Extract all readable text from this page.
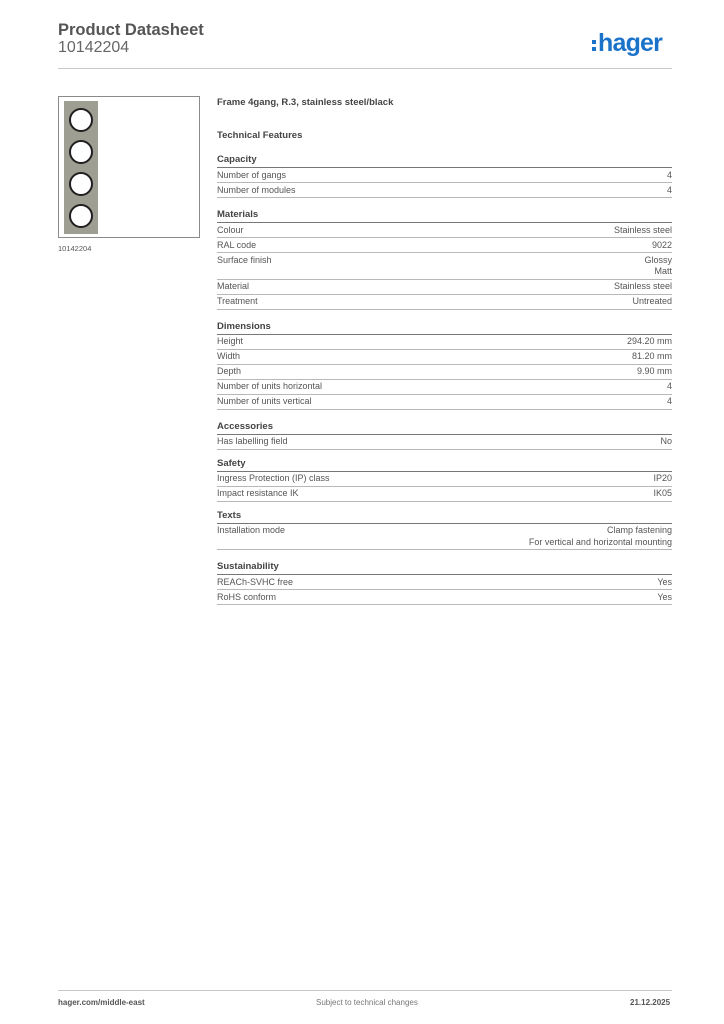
Product Datasheet
10142204	hager
10142204
Frame 4gang, R.3, stainless steel/black
Technical Features
Capacity
Number of gangs	4
Number of modules	4
Materials
Colour	Stainless steel
RAL code	9022
Surface finish	Glossy
Matt
Material	Stainless steel
Treatment	Untreated
Dimensions
Height	294.20 mm
Width	81.20 mm
Depth	9.90 mm
Number of units horizontal	4
Number of units vertical	4
Accessories
Has labelling field	No
Safety
Ingress Protection (IP) class	IP20
Impact resistance IK	IK05
Texts
Installation mode	Clamp fastening
For vertical and horizontal mounting
Sustainability
REACh-SVHC free	Yes
RoHS conform	Yes
hager.com/middle-east	Subject to technical changes	21.12.2025
